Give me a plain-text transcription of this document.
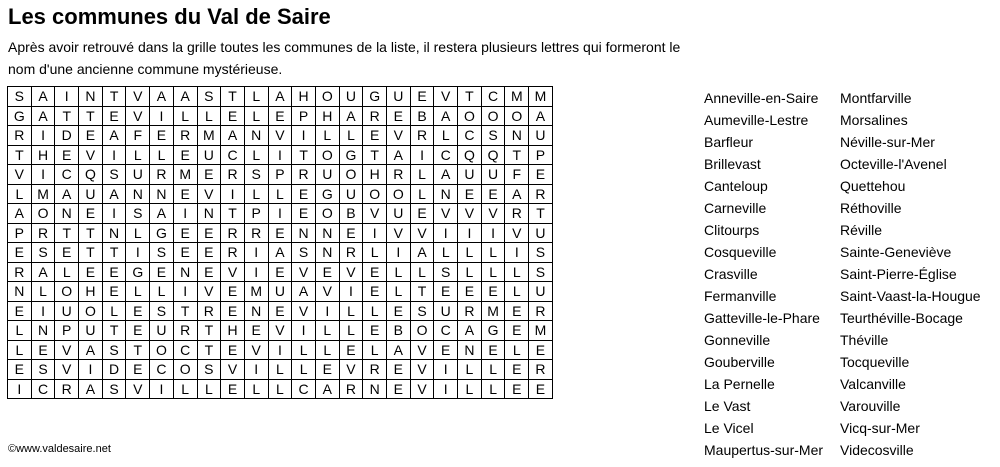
Les communes du Val de Saire
Après avoir retrouvé dans la grille toutes les communes de la liste, il restera plusieurs lettres qui formeront le nom d'une ancienne commune mystérieuse.
S	A	I	N	T	V	A	A	S	T	L	A	H	O	U	G	U	E	V	T	C	M	M
G	A	T	T	E	V	I	L	L	E	L	E	P	H	A	R	E	B	A	O	O	O	A
R	I	D	E	A	F	E	R	M	A	N	V	I	L	L	E	V	R	L	C	S	N	U
T	H	E	V	I	L	L	E	U	C	L	I	T	O	G	T	A	I	C	Q	Q	T	P
V	I	C	Q	S	U	R	M	E	R	S	P	R	U	O	H	R	L	A	U	U	F	E
L	M	A	U	A	N	N	E	V	I	L	L	E	G	U	O	O	L	N	E	E	A	R
A	O	N	E	I	S	A	I	N	T	P	I	E	O	B	V	U	E	V	V	V	R	T
P	R	T	T	N	L	G	E	E	R	R	E	N	N	E	I	V	V	I	I	I	V	U
E	S	E	T	T	I	S	E	E	R	I	A	S	N	R	L	I	A	L	L	L	I	S
R	A	L	E	E	G	E	N	E	V	I	E	V	E	V	E	L	L	S	L	L	L	S
N	L	O	H	E	L	L	I	V	E	M	U	A	V	I	E	L	T	E	E	E	L	U
E	I	U	O	L	E	S	T	R	E	N	E	V	I	L	L	E	S	U	R	M	E	R
L	N	P	U	T	E	U	R	T	H	E	V	I	L	L	E	B	O	C	A	G	E	M
L	E	V	A	S	T	O	C	T	E	V	I	L	L	E	L	A	V	E	N	E	L	E
E	S	V	I	D	E	C	O	S	V	I	L	L	E	V	R	E	V	I	L	L	E	R
I	C	R	A	S	V	I	L	L	E	L	L	C	A	R	N	E	V	I	L	L	E	E
©www.valdesaire.net
Anneville-en-Saire
Aumeville-Lestre
Barfleur
Brillevast
Canteloup
Carneville
Clitourps
Cosqueville
Crasville
Fermanville
Gatteville-le-Phare
Gonneville
Gouberville
La Pernelle
Le Vast
Le Vicel
Maupertus-sur-Mer
Montfarville
Morsalines
Néville-sur-Mer
Octeville-l'Avenel
Quettehou
Réthoville
Réville
Sainte-Geneviève
Saint-Pierre-Église
Saint-Vaast-la-Hougue
Teurthéville-Bocage
Théville
Tocqueville
Valcanville
Varouville
Vicq-sur-Mer
Videcosville
